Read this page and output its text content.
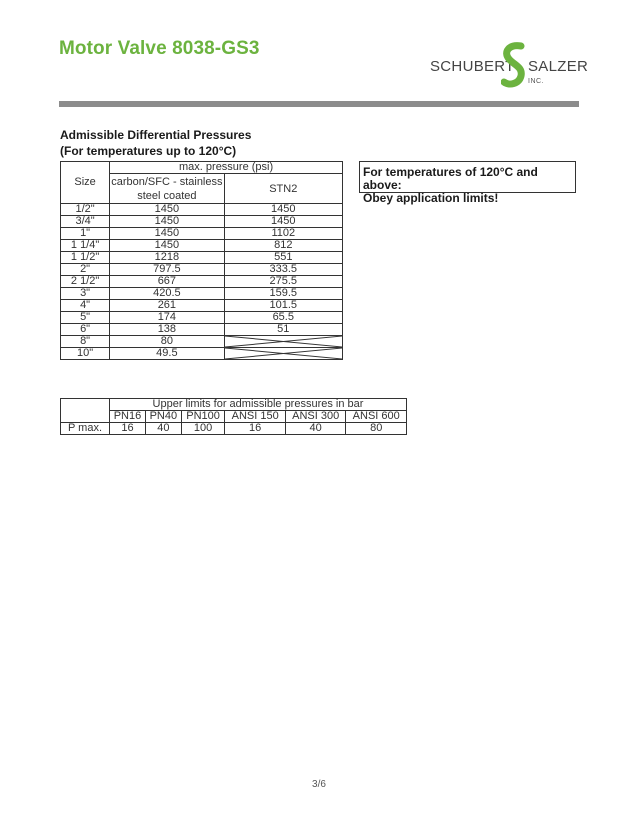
Motor Valve 8038-GS3
SCHUBERT SALZER
INC.
Admissible Differential Pressures
(For temperatures up to 120°C)
Size	max. pressure (psi)	
	carbon/SFC - stainless steel coated	STN2
1/2"	1450	1450
3/4"	1450	1450
1"	1450	1102
1 1/4"	1450	812
1 1/2"	1218	551
2"	797.5	333.5
2 1/2"	667	275.5
3"	420.5	159.5
4"	261	101.5
5"	174	65.5
6"	138	51
8"	80	

10"	49.5	
For temperatures of 120°C and above:
Obey application limits!
	Upper limits for admissible pressures in bar					
	PN16	PN40	PN100	ANSI 150	ANSI 300	ANSI 600
P max.	16	40	100	16	40	80
3/6
